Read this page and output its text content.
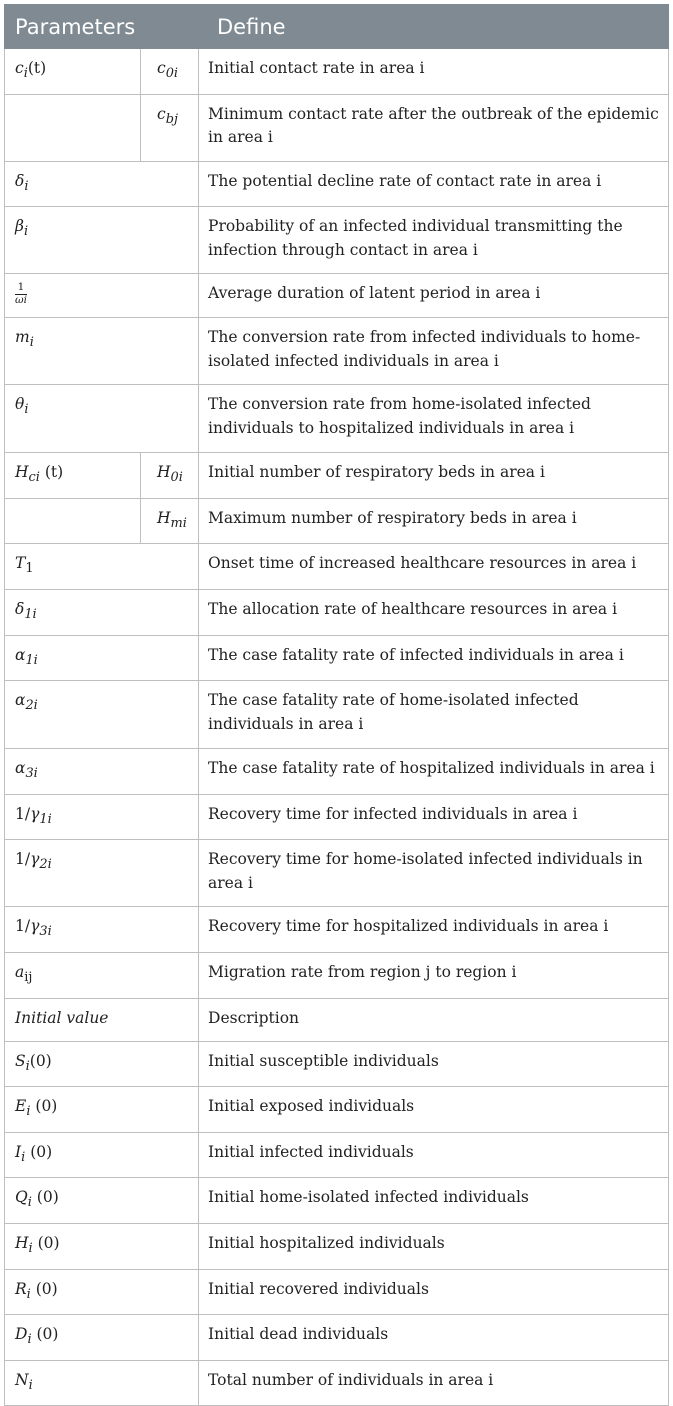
Parameters		Define
$c_i(t)$	$c_{0i}$	Initial contact rate in area i
	$c_{bj}$	Minimum contact rate after the outbreak of the epidemic in area i
$\delta_i$		The potential decline rate of contact rate in area i
$\beta_i$		Probability of an infected individual transmitting the infection through contact in area i

$\frac{1}{\omega i}$		Average duration of latent period in area i
$m_i$		The conversion rate from infected individuals to home-isolated infected individuals in area i
$\theta_i$		The conversion rate from home-isolated infected individuals to hospitalized individuals in area i
$H_{ci}$ (t)	$H_{0i}$	Initial number of respiratory beds in area i
	$H_{mi}$	Maximum number of respiratory beds in area i
$T_1$		Onset time of increased healthcare resources in area i
$\delta_{1i}$		The allocation rate of healthcare resources in area i
$\alpha_{1i}$		The case fatality rate of infected individuals in area i
$\alpha_{2i}$		The case fatality rate of home-isolated infected individuals in area i
$\alpha_{3i}$		The case fatality rate of hospitalized individuals in area i
$1/\gamma_{1i}$		Recovery time for infected individuals in area i
$1/\gamma_{2i}$		Recovery time for home-isolated infected individuals in area i
$1/\gamma_{3i}$		Recovery time for hospitalized individuals in area i
$a_{ij}$		Migration rate from region j to region i
Initial value		Description
$S_i(0)$		Initial susceptible individuals
$E_i$ (0)		Initial exposed individuals
$I_i$ (0)		Initial infected individuals
$Q_i$ (0)		Initial home-isolated infected individuals
$H_i$ (0)		Initial hospitalized individuals
$R_i$ (0)		Initial recovered individuals
$D_i$ (0)		Initial dead individuals
$N_i$		Total number of individuals in area i
